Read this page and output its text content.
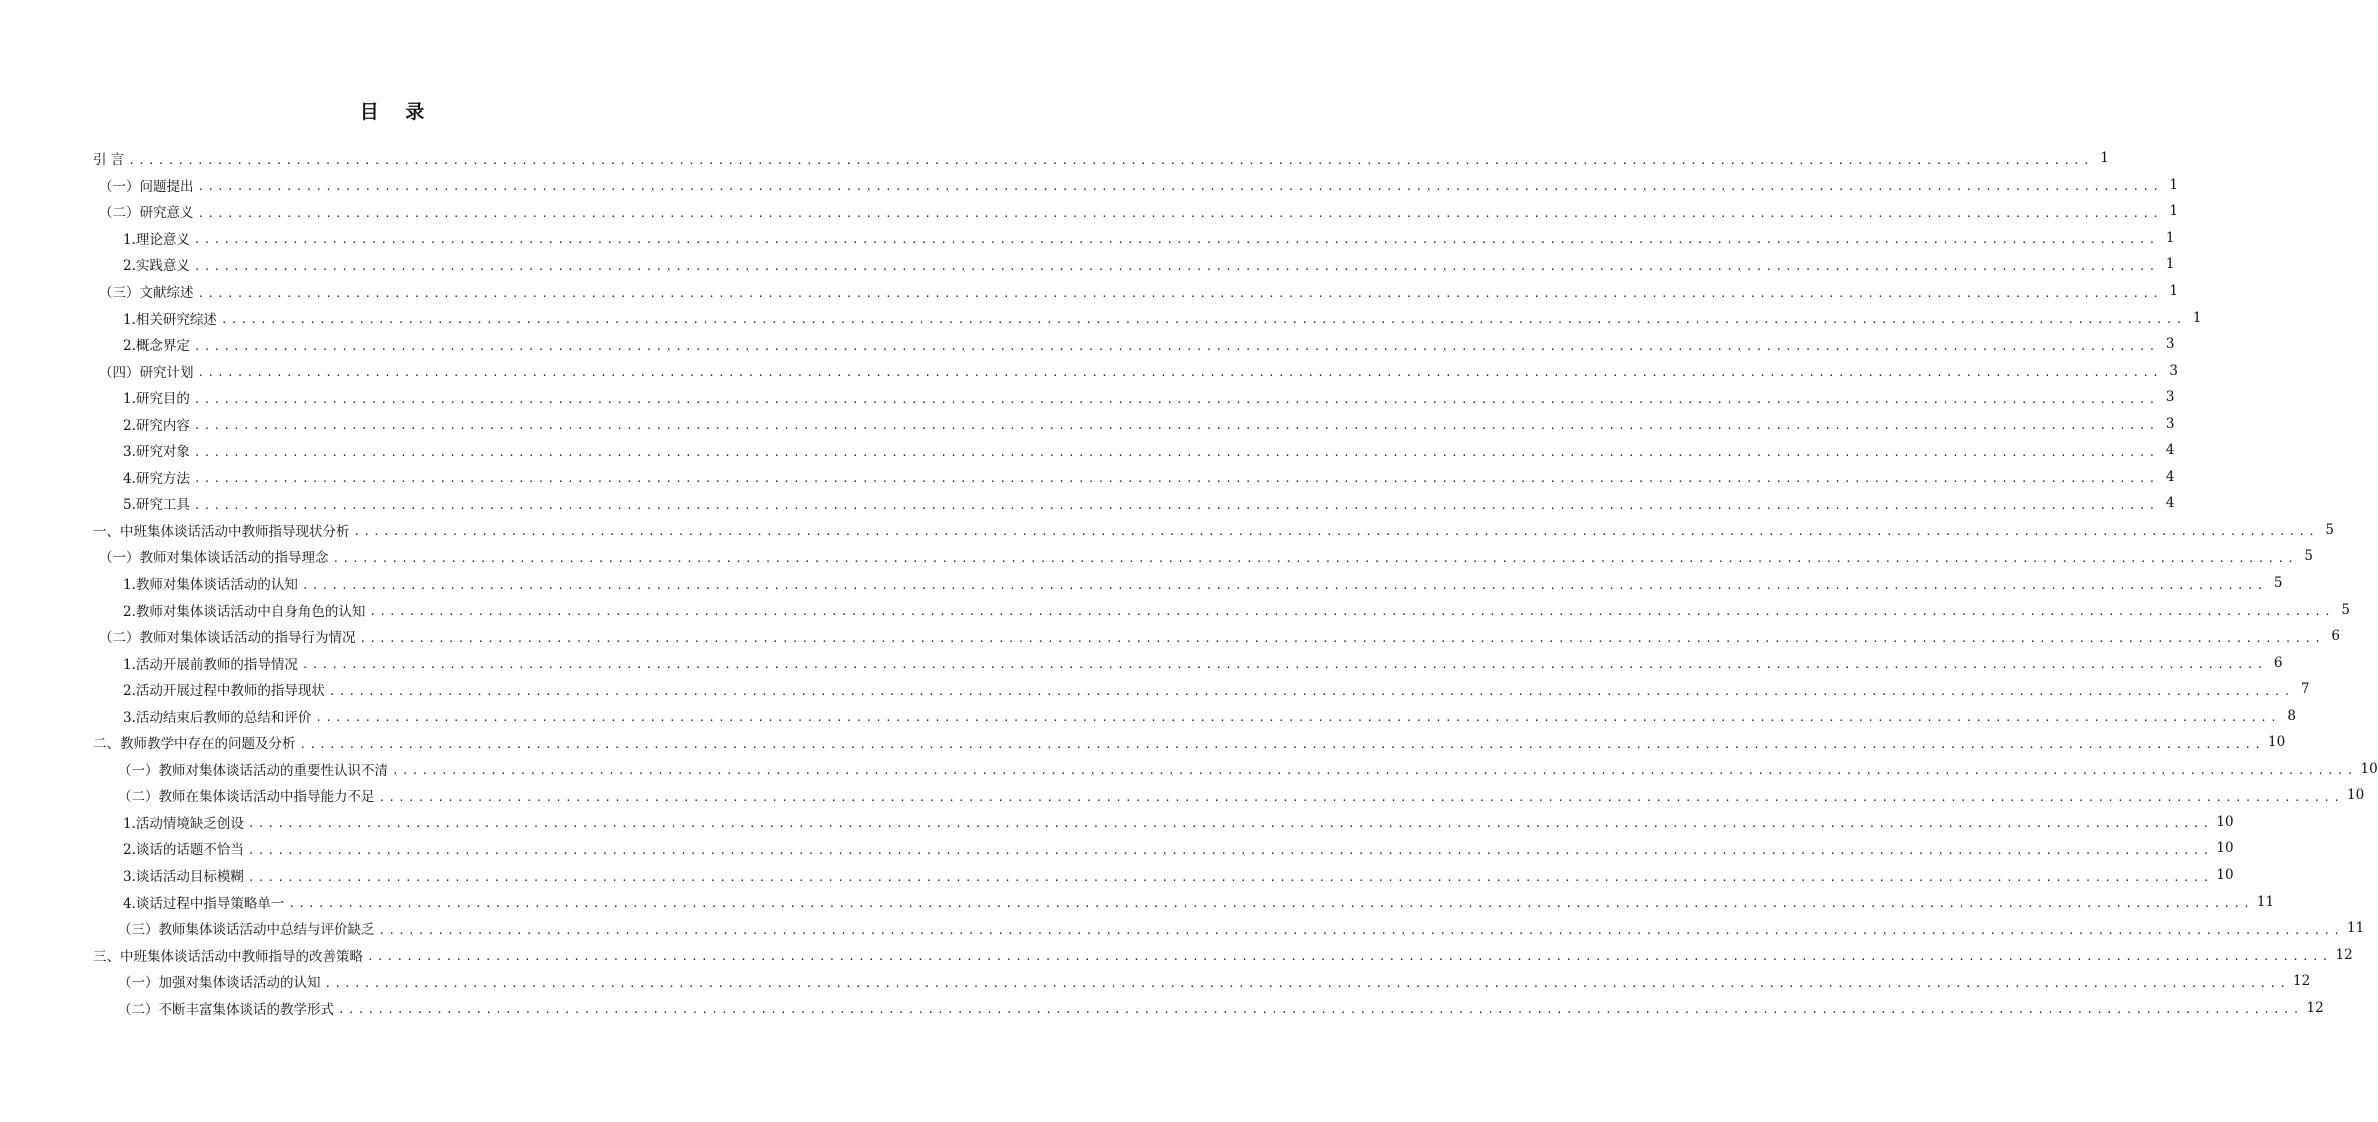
目 录
引 言 ........................................................................................................................................................................................................ 1
（一）问题提出 ........................................................................................................................................................................................................ 1
（二）研究意义 ........................................................................................................................................................................................................ 1
1.理论意义 ........................................................................................................................................................................................................ 1
2.实践意义 ........................................................................................................................................................................................................ 1
（三）文献综述 ........................................................................................................................................................................................................ 1
1.相关研究综述 ........................................................................................................................................................................................................ 1
2.概念界定 ........................................................................................................................................................................................................ 3
（四）研究计划 ........................................................................................................................................................................................................ 3
1.研究目的 ........................................................................................................................................................................................................ 3
2.研究内容 ........................................................................................................................................................................................................ 3
3.研究对象 ........................................................................................................................................................................................................ 4
4.研究方法 ........................................................................................................................................................................................................ 4
5.研究工具 ........................................................................................................................................................................................................ 4
一、中班集体谈话活动中教师指导现状分析 ........................................................................................................................................................................................................ 5
（一）教师对集体谈话活动的指导理念 ........................................................................................................................................................................................................ 5
1.教师对集体谈话活动的认知 ........................................................................................................................................................................................................ 5
2.教师对集体谈话活动中自身角色的认知 ........................................................................................................................................................................................................ 5
（二）教师对集体谈话活动的指导行为情况 ........................................................................................................................................................................................................ 6
1.活动开展前教师的指导情况 ........................................................................................................................................................................................................ 6
2.活动开展过程中教师的指导现状 ........................................................................................................................................................................................................ 7
3.活动结束后教师的总结和评价 ........................................................................................................................................................................................................ 8
二、教师教学中存在的问题及分析 ........................................................................................................................................................................................................ 10
（一）教师对集体谈话活动的重要性认识不清 ........................................................................................................................................................................................................ 10
（二）教师在集体谈话活动中指导能力不足 ........................................................................................................................................................................................................ 10
1.活动情境缺乏创设 ........................................................................................................................................................................................................ 10
2.谈话的话题不恰当 ........................................................................................................................................................................................................ 10
3.谈话活动目标模糊 ........................................................................................................................................................................................................ 10
4.谈话过程中指导策略单一 ........................................................................................................................................................................................................ 11
（三）教师集体谈话活动中总结与评价缺乏 ........................................................................................................................................................................................................ 11
三、中班集体谈话活动中教师指导的改善策略 ........................................................................................................................................................................................................ 12
（一）加强对集体谈话活动的认知 ........................................................................................................................................................................................................ 12
（二）不断丰富集体谈话的教学形式 ........................................................................................................................................................................................................ 12
